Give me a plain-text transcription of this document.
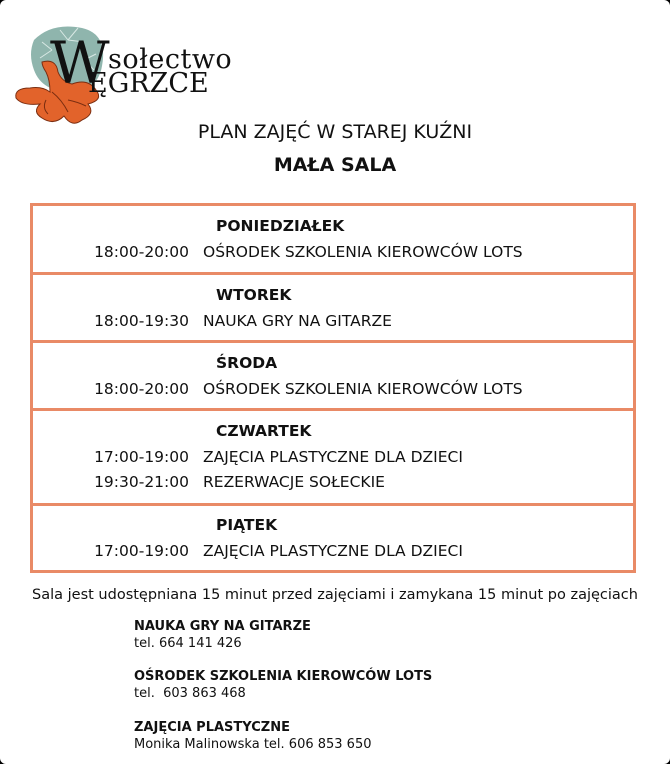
W
sołectwo
ĘGRZCE
PLAN ZAJĘĆ W STAREJ KUŹNI
MAŁA SALA
PONIEDZIAŁEK
18:00-20:00 OŚRODEK SZKOLENIA KIEROWCÓW LOTS
WTOREK
18:00-19:30 NAUKA GRY NA GITARZE
ŚRODA
18:00-20:00 OŚRODEK SZKOLENIA KIEROWCÓW LOTS
CZWARTEK
17:00-19:00 ZAJĘCIA PLASTYCZNE DLA DZIECI
19:30-21:00 REZERWACJE SOŁECKIE
PIĄTEK
17:00-19:00 ZAJĘCIA PLASTYCZNE DLA DZIECI
Sala jest udostępniana 15 minut przed zajęciami i zamykana 15 minut po zajęciach
NAUKA GRY NA GITARZE
tel. 664 141 426
OŚRODEK SZKOLENIA KIEROWCÓW LOTS
tel.  603 863 468
ZAJĘCIA PLASTYCZNE
Monika Malinowska tel. 606 853 650
